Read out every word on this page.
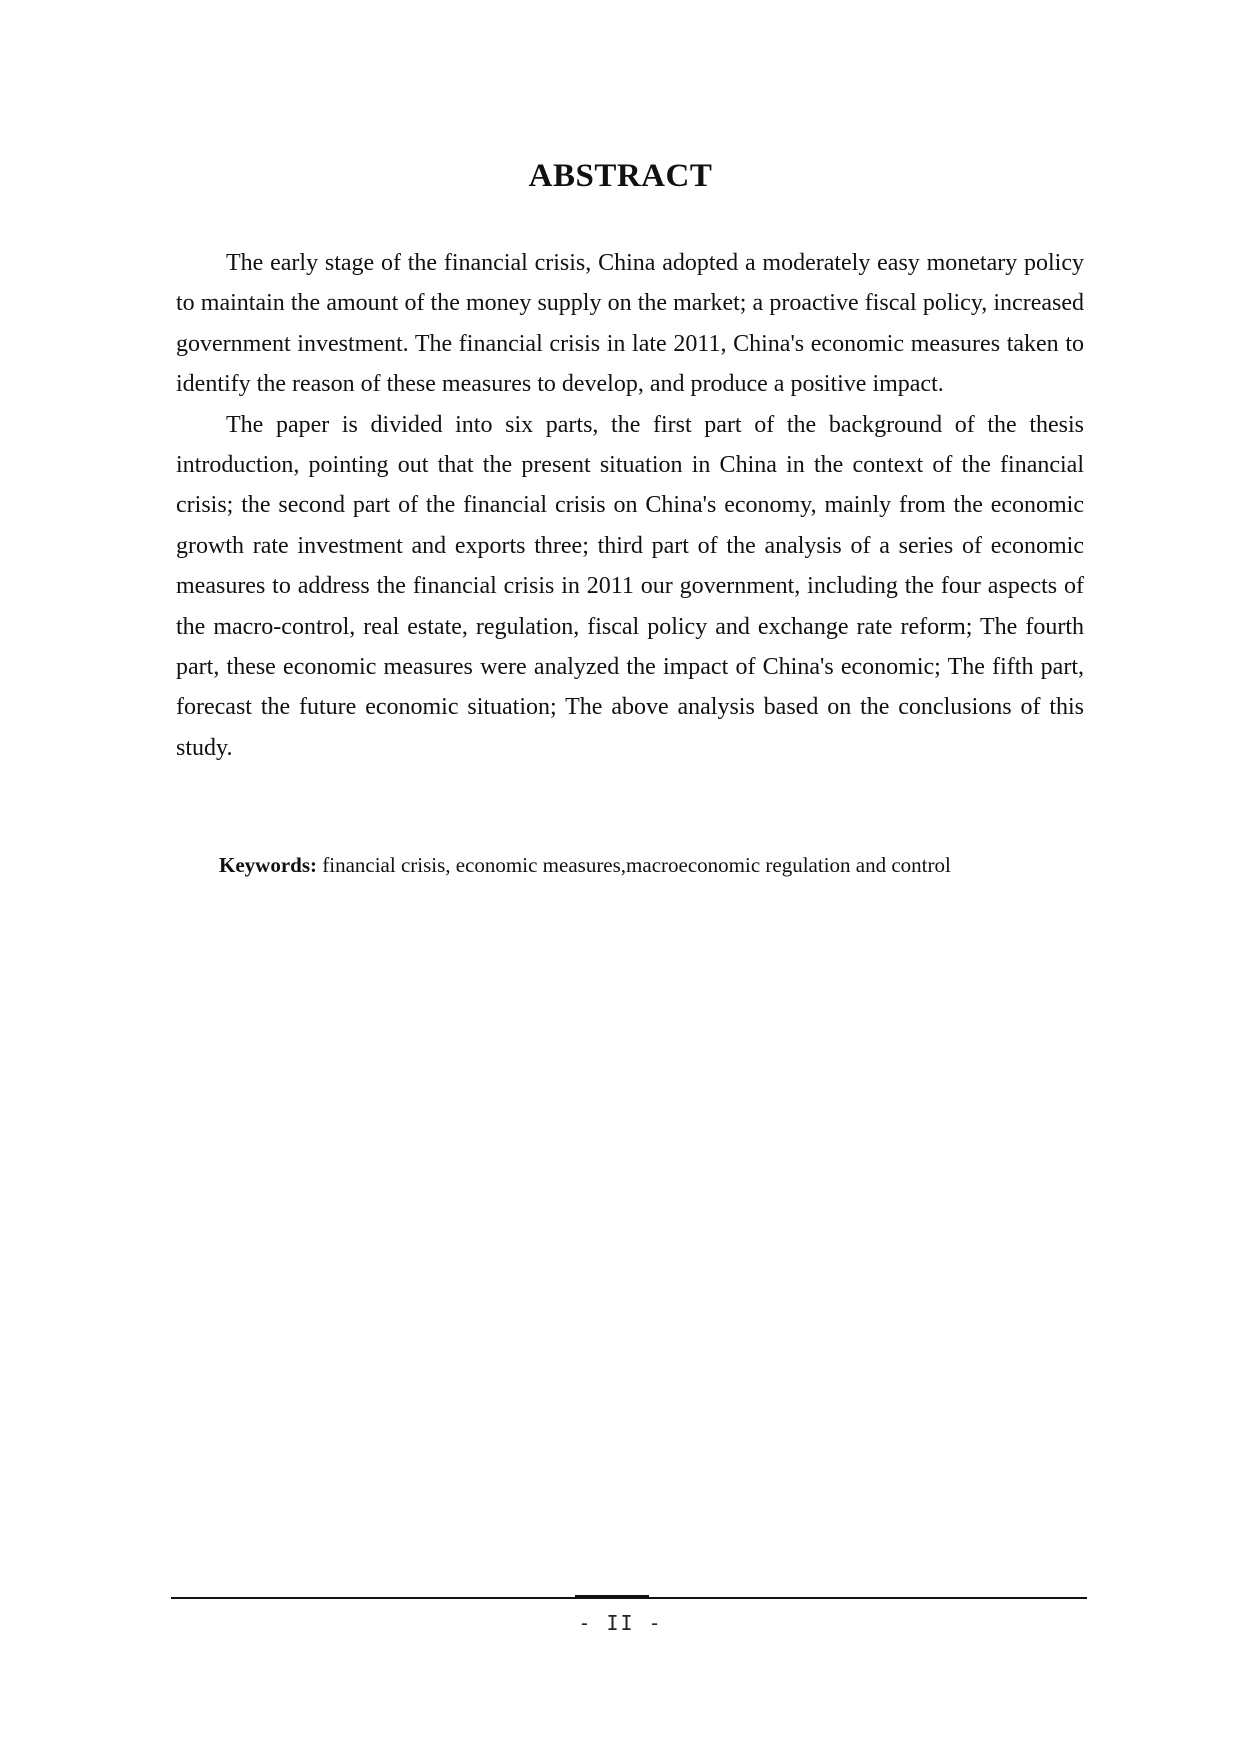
ABSTRACT

The early stage of the financial crisis, China adopted a moderately easy monetary policy to maintain the amount of the money supply on the market; a proactive fiscal policy, increased government investment. The financial crisis in late 2011, China's economic measures taken to identify the reason of these measures to develop, and produce a positive impact.

The paper is divided into six parts, the first part of the background of the thesis introduction, pointing out that the present situation in China in the context of the financial crisis; the second part of the financial crisis on China's economy, mainly from the economic growth rate investment and exports three; third part of the analysis of a series of economic measures to address the financial crisis in 2011 our government, including the four aspects of the macro-control, real estate, regulation, fiscal policy and exchange rate reform; The fourth part, these economic measures were analyzed the impact of China's economic; The fifth part, forecast the future economic situation; The above analysis based on the conclusions of this study.

Keywords: financial crisis, economic measures,macroeconomic regulation and control
- II -
